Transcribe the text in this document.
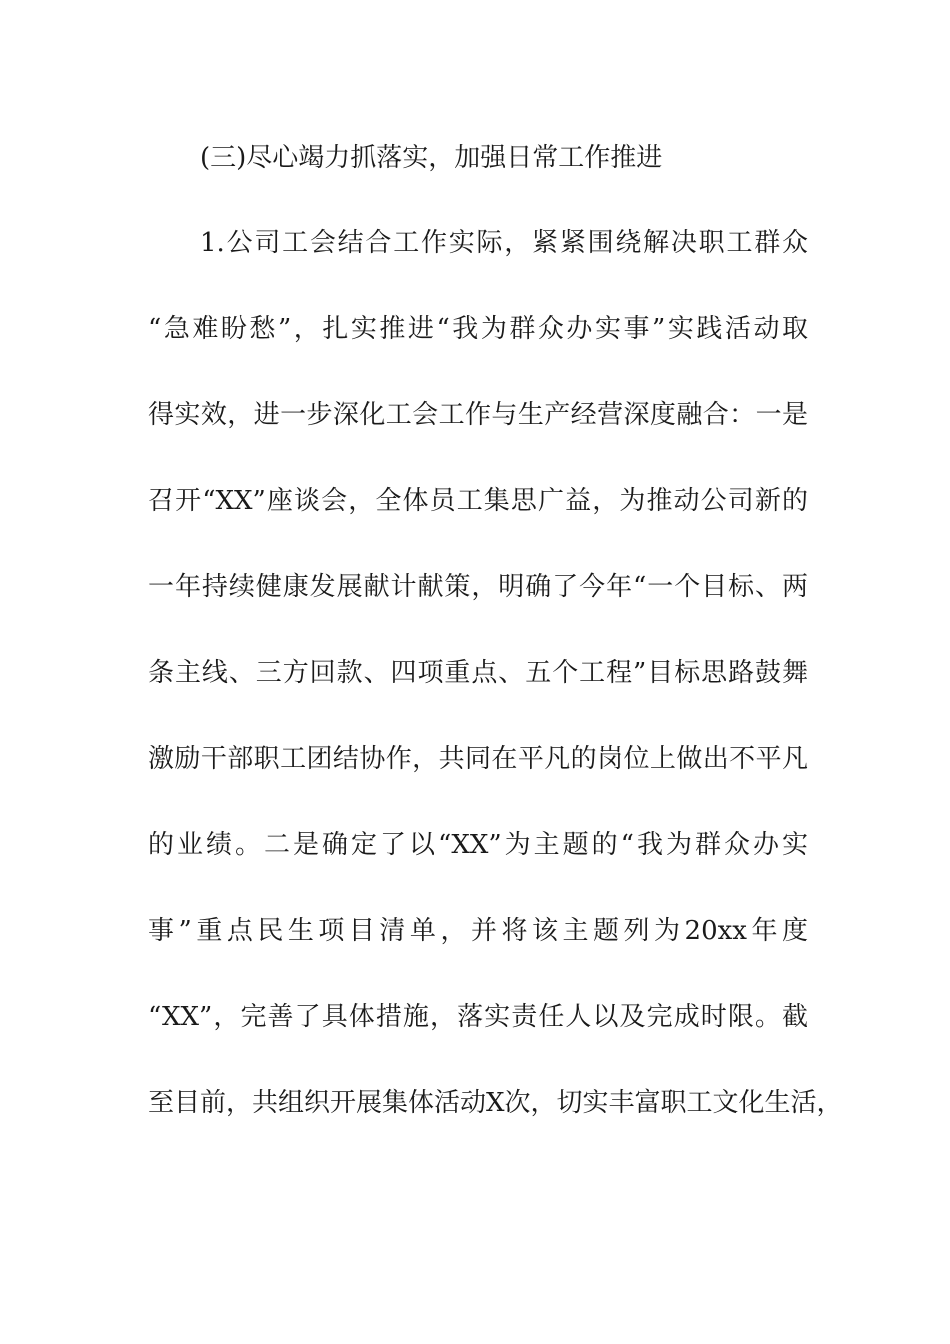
(三)尽心竭力抓落实，加强日常工作推进
1.公司工会结合工作实际，紧紧围绕解决职工群众
“急难盼愁”，扎实推进“我为群众办实事”实践活动取
得实效，进一步深化工会工作与生产经营深度融合：一是
召开“XX”座谈会，全体员工集思广益，为推动公司新的
一年持续健康发展献计献策，明确了今年“一个目标、两
条主线、三方回款、四项重点、五个工程”目标思路鼓舞
激励干部职工团结协作，共同在平凡的岗位上做出不平凡
的业绩。二是确定了以“XX”为主题的“我为群众办实
事”重点民生项目清单，并将该主题列为20xx年度
“XX”，完善了具体措施，落实责任人以及完成时限。截
至目前，共组织开展集体活动X次，切实丰富职工文化生活，
